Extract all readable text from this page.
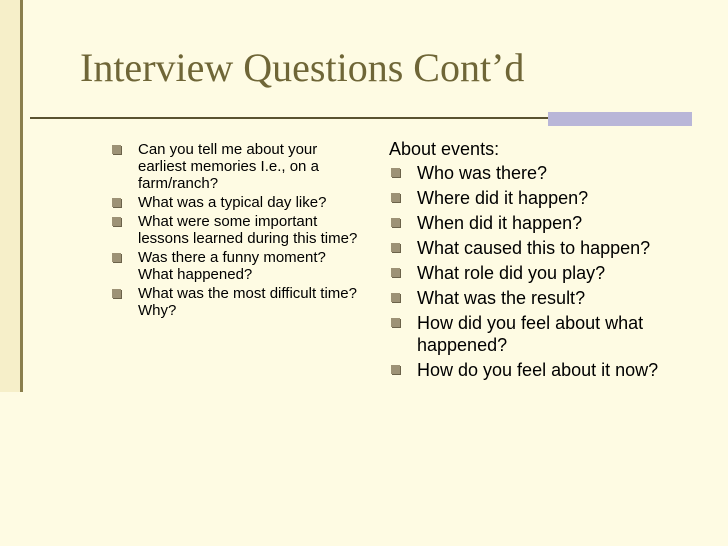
Interview Questions Cont’d
Can you tell me about your earliest memories I.e., on a farm/ranch?
What was a typical day like?
What were some important lessons learned during this time?
Was there a funny moment? What happened?
What was the most difficult time? Why?

About events:

Who was there?
Where did it happen?
When did it happen?
What caused this to happen?
What role did you play?
What was the result?
How did you feel about what happened?
How do you feel about it now?
